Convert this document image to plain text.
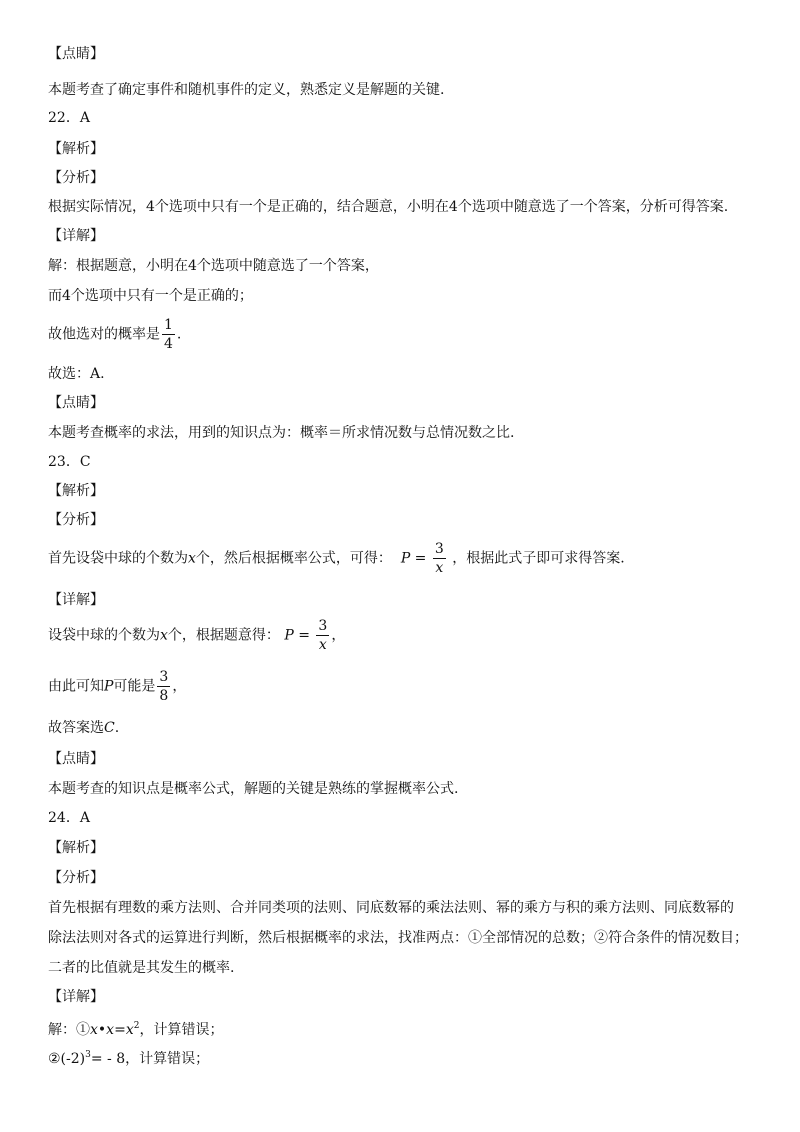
【点睛】
本题考查了确定事件和随机事件的定义，熟悉定义是解题的关键.
22．A
【解析】
【分析】
根据实际情况，4个选项中只有一个是正确的，结合题意，小明在4个选项中随意选了一个答案，分析可得答案.
【详解】
解：根据题意，小明在4个选项中随意选了一个答案，
而4个选项中只有一个是正确的；
故他选对的概率是 $\frac{1}{4}$ .
故选：A.
【点睛】
本题考查概率的求法，用到的知识点为：概率＝所求情况数与总情况数之比.
23．C
【解析】
【分析】
首先设袋中球的个数为x个，然后根据概率公式，可得： $P = \frac{3}{x}$ ，根据此式子即可求得答案.
【详解】
设袋中球的个数为x个，根据题意得： $P = \frac{3}{x}$ ，
由此可知P可能是 $\frac{3}{8}$ ，
故答案选C.
【点睛】
本题考查的知识点是概率公式，解题的关键是熟练的掌握概率公式.
24．A
【解析】
【分析】
首先根据有理数的乘方法则、合并同类项的法则、同底数幂的乘法法则、幂的乘方与积的乘方法则、同底数幂的
除法法则对各式的运算进行判断，然后根据概率的求法，找准两点：①全部情况的总数；②符合条件的情况数目；
二者的比值就是其发生的概率.
【详解】
解：$①x•x=x^2$，计算错误；
$②(-2)^3= - 8$，计算错误；
